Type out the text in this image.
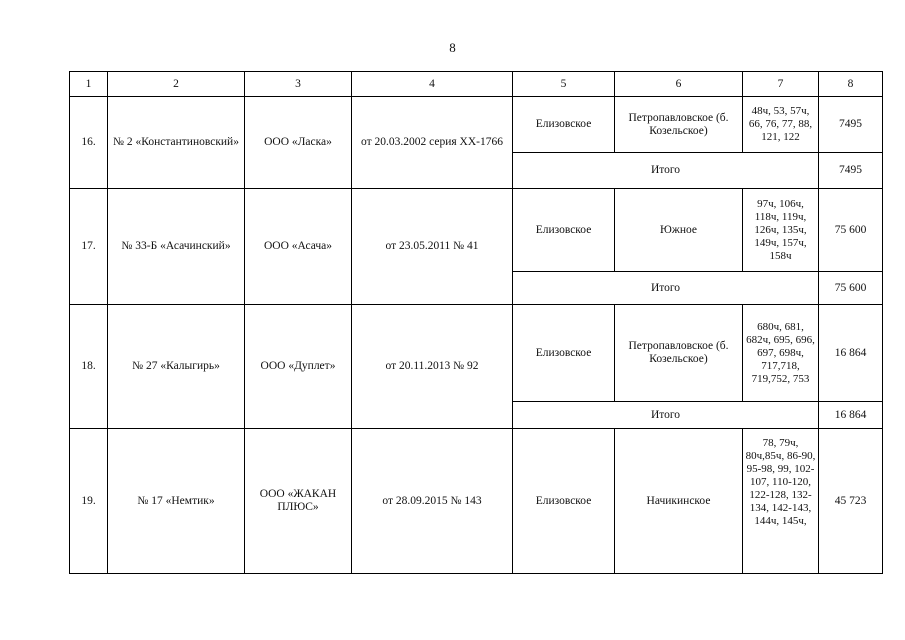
8
1	2	3	4	5	6	7	8
16.	№ 2 «Константиновский»	ООО «Ласка»	от 20.03.2002 серия ХХ-1766	Елизовское	Петропавловское (б. Козельское)	48ч, 53, 57ч, 66, 76, 77, 88, 121, 122	7495
				Итого			7495
17.	№ 33-Б «Асачинский»	ООО «Асача»	от 23.05.2011 № 41	Елизовское	Южное	97ч, 106ч, 118ч, 119ч, 126ч, 135ч, 149ч, 157ч, 158ч	75 600
				Итого			75 600
18.	№ 27 «Калыгирь»	ООО «Дуплет»	от 20.11.2013 № 92	Елизовское	Петропавловское (б. Козельское)	680ч, 681, 682ч, 695, 696, 697, 698ч, 717,718, 719,752, 753	16 864
				Итого			16 864
19.	№ 17 «Немтик»	ООО «ЖАКАН ПЛЮС»	от 28.09.2015 № 143	Елизовское	Начикинское	78, 79ч, 80ч,85ч, 86-90, 95-98, 99, 102-107, 110-120, 122-128, 132-134, 142-143, 144ч, 145ч,	45 723
